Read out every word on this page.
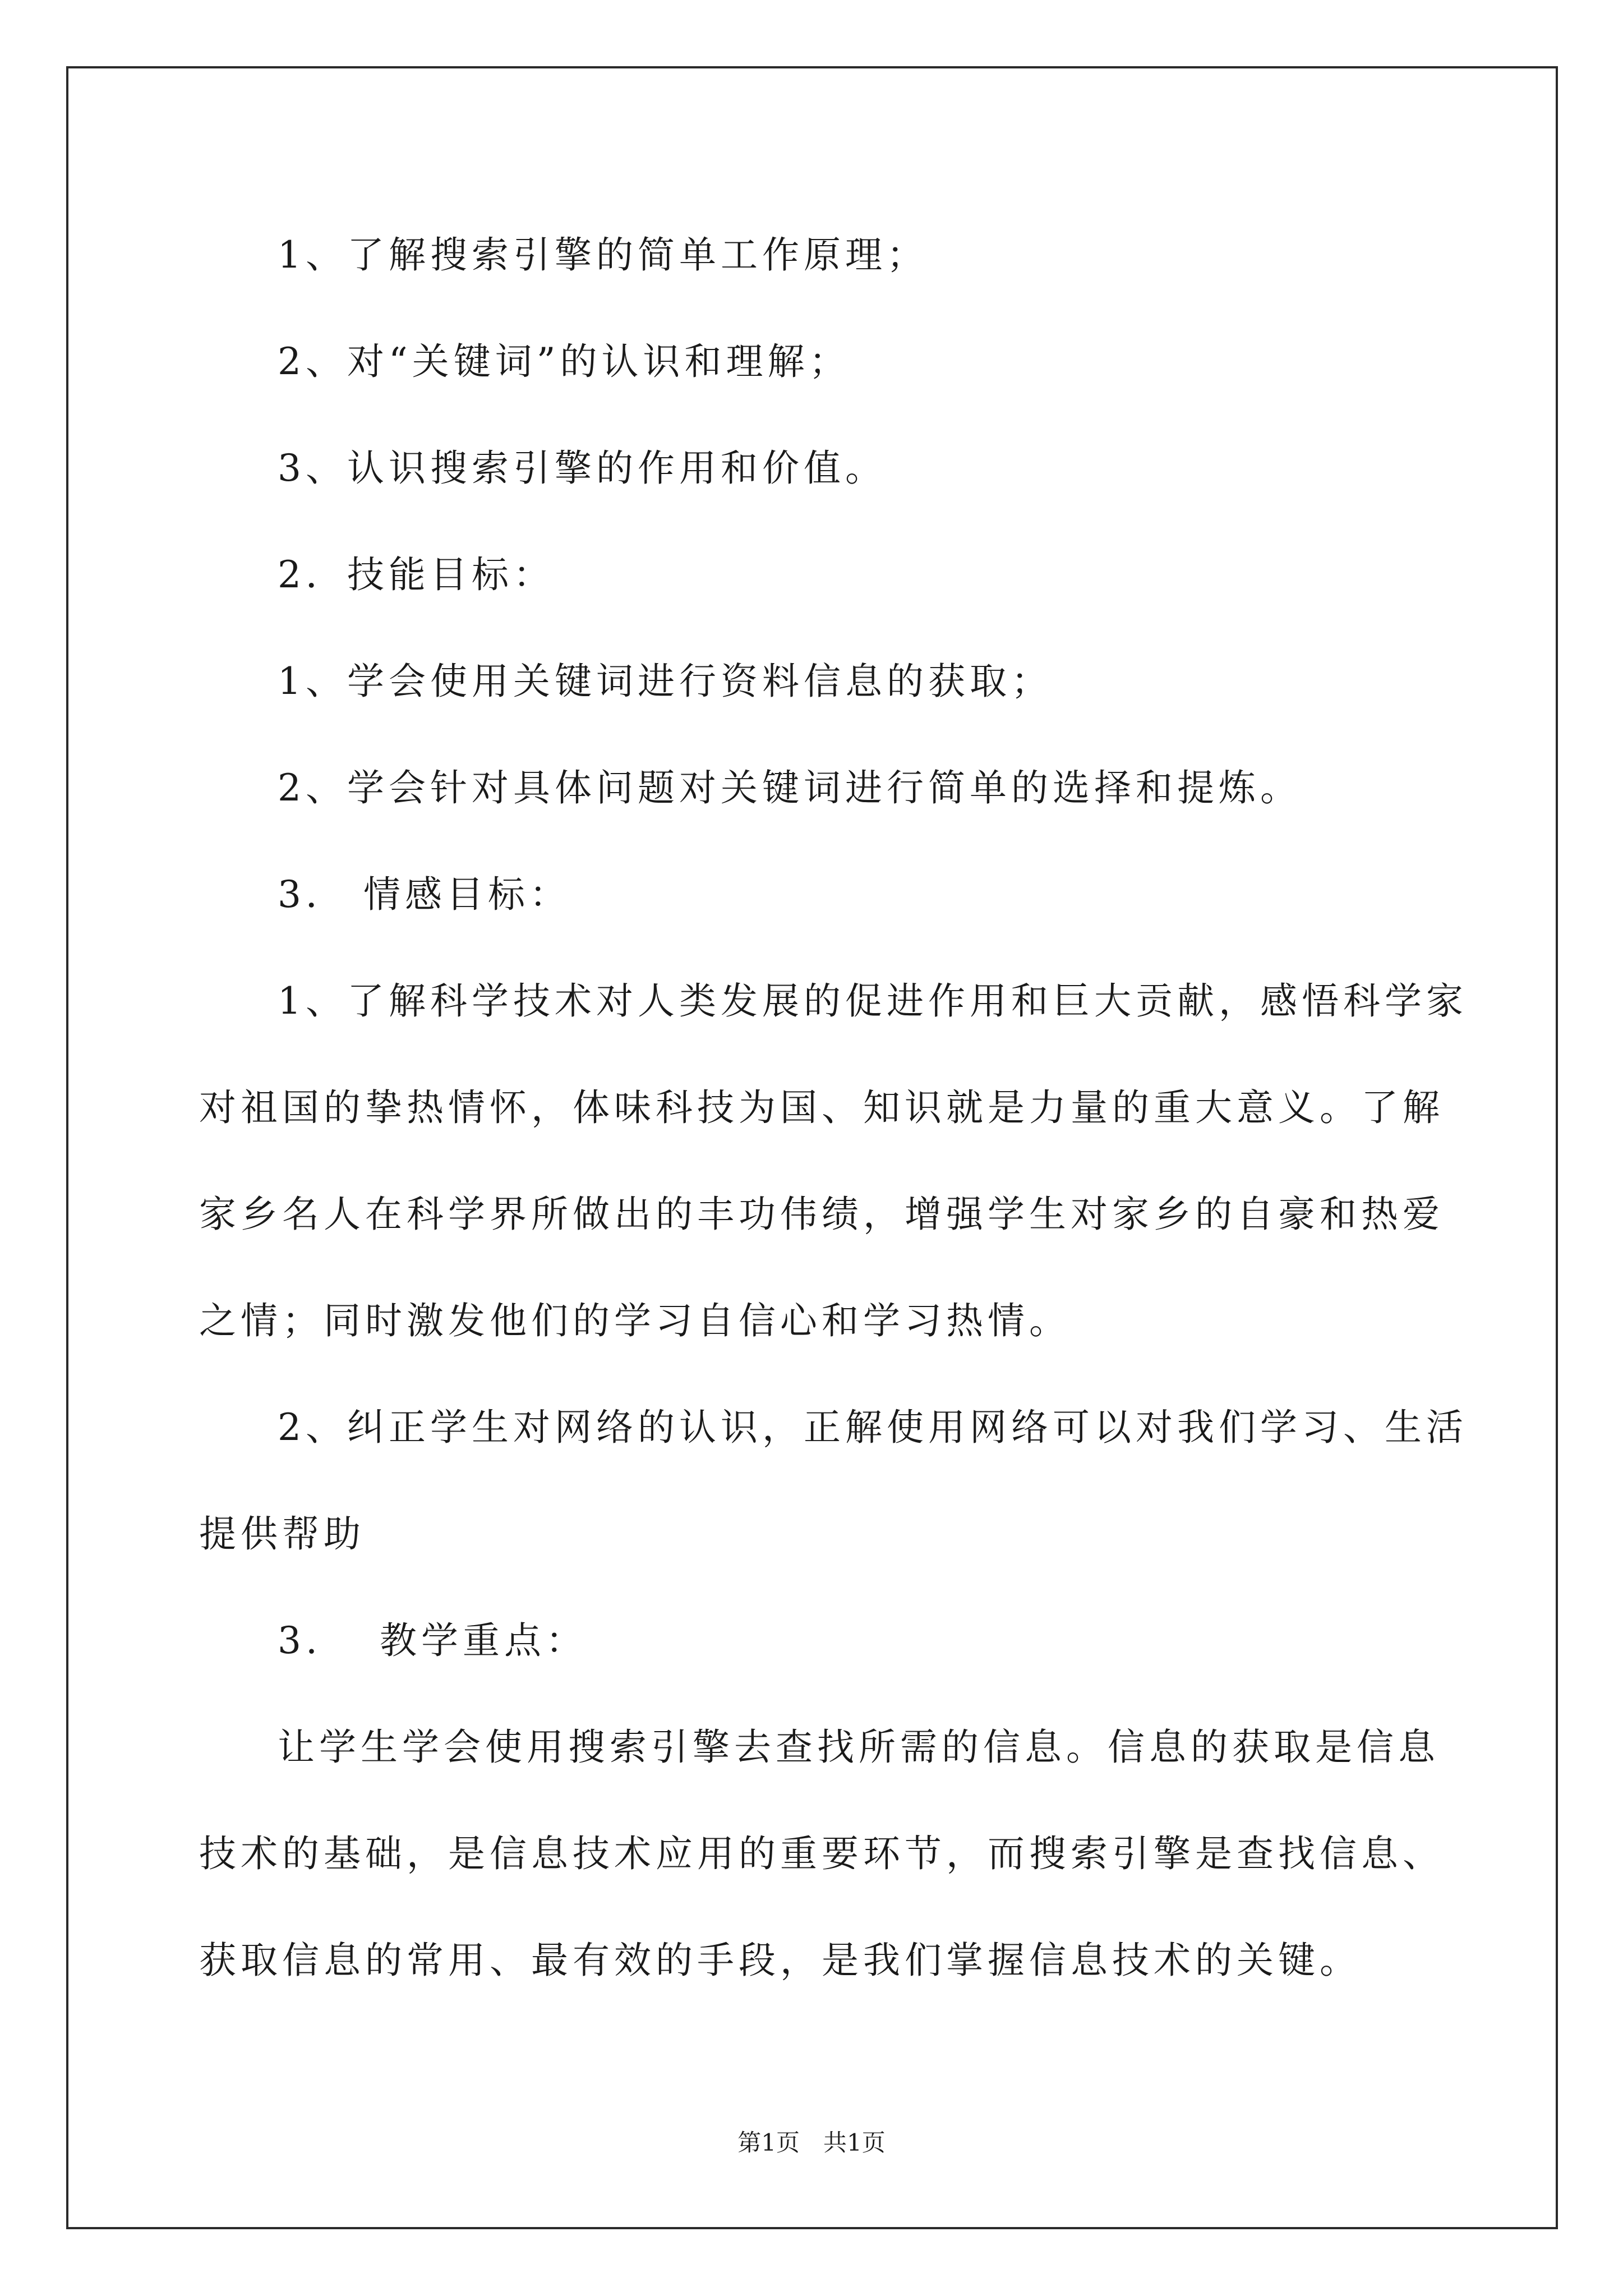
1、了解搜索引擎的简单工作原理；
2、对“关键词”的认识和理解；
3、认识搜索引擎的作用和价值。
2．技能目标：
1、学会使用关键词进行资料信息的获取；
2、学会针对具体问题对关键词进行简单的选择和提炼。
3． 情感目标：
1、了解科学技术对人类发展的促进作用和巨大贡献，感悟科学家
对祖国的挚热情怀，体味科技为国、知识就是力量的重大意义。了解
家乡名人在科学界所做出的丰功伟绩，增强学生对家乡的自豪和热爱
之情；同时激发他们的学习自信心和学习热情。
2、纠正学生对网络的认识，正解使用网络可以对我们学习、生活
提供帮助
3.　 教学重点：
让学生学会使用搜索引擎去查找所需的信息。信息的获取是信息
技术的基础，是信息技术应用的重要环节，而搜索引擎是查找信息、
获取信息的常用、最有效的手段，是我们掌握信息技术的关键。
第1页　共1页
